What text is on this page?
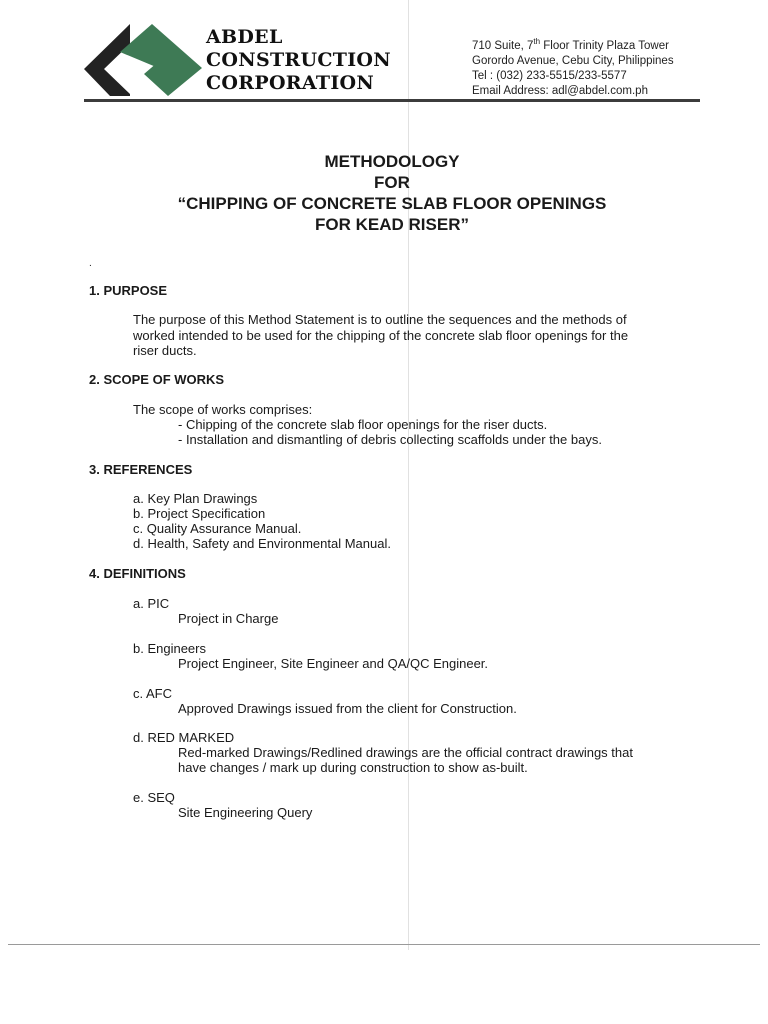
ABDEL
CONSTRUCTION
CORPORATION
710 Suite, 7th Floor Trinity Plaza Tower
Gorordo Avenue, Cebu City, Philippines
Tel : (032) 233-5515/233-5577
Email Address: adl@abdel.com.ph
METHODOLOGY
FOR
“CHIPPING OF CONCRETE SLAB FLOOR OPENINGS
FOR KEAD RISER”
.
1. PURPOSE
The purpose of this Method Statement is to outline the sequences and the methods of
worked intended to be used for the chipping of the concrete slab floor openings for the
riser ducts.
2. SCOPE OF WORKS
The scope of works comprises:
- Chipping of the concrete slab floor openings for the riser ducts.
- Installation and dismantling of debris collecting scaffolds under the bays.
3. REFERENCES
a. Key Plan Drawings
b. Project Specification
c. Quality Assurance Manual.
d. Health, Safety and Environmental Manual.
4. DEFINITIONS
a. PIC
Project in Charge
b. Engineers
Project Engineer, Site Engineer and QA/QC Engineer.
c. AFC
Approved Drawings issued from the client for Construction.
d. RED MARKED
Red-marked Drawings/Redlined drawings are the official contract drawings that
have changes / mark up during construction to show as-built.
e. SEQ
Site Engineering Query
